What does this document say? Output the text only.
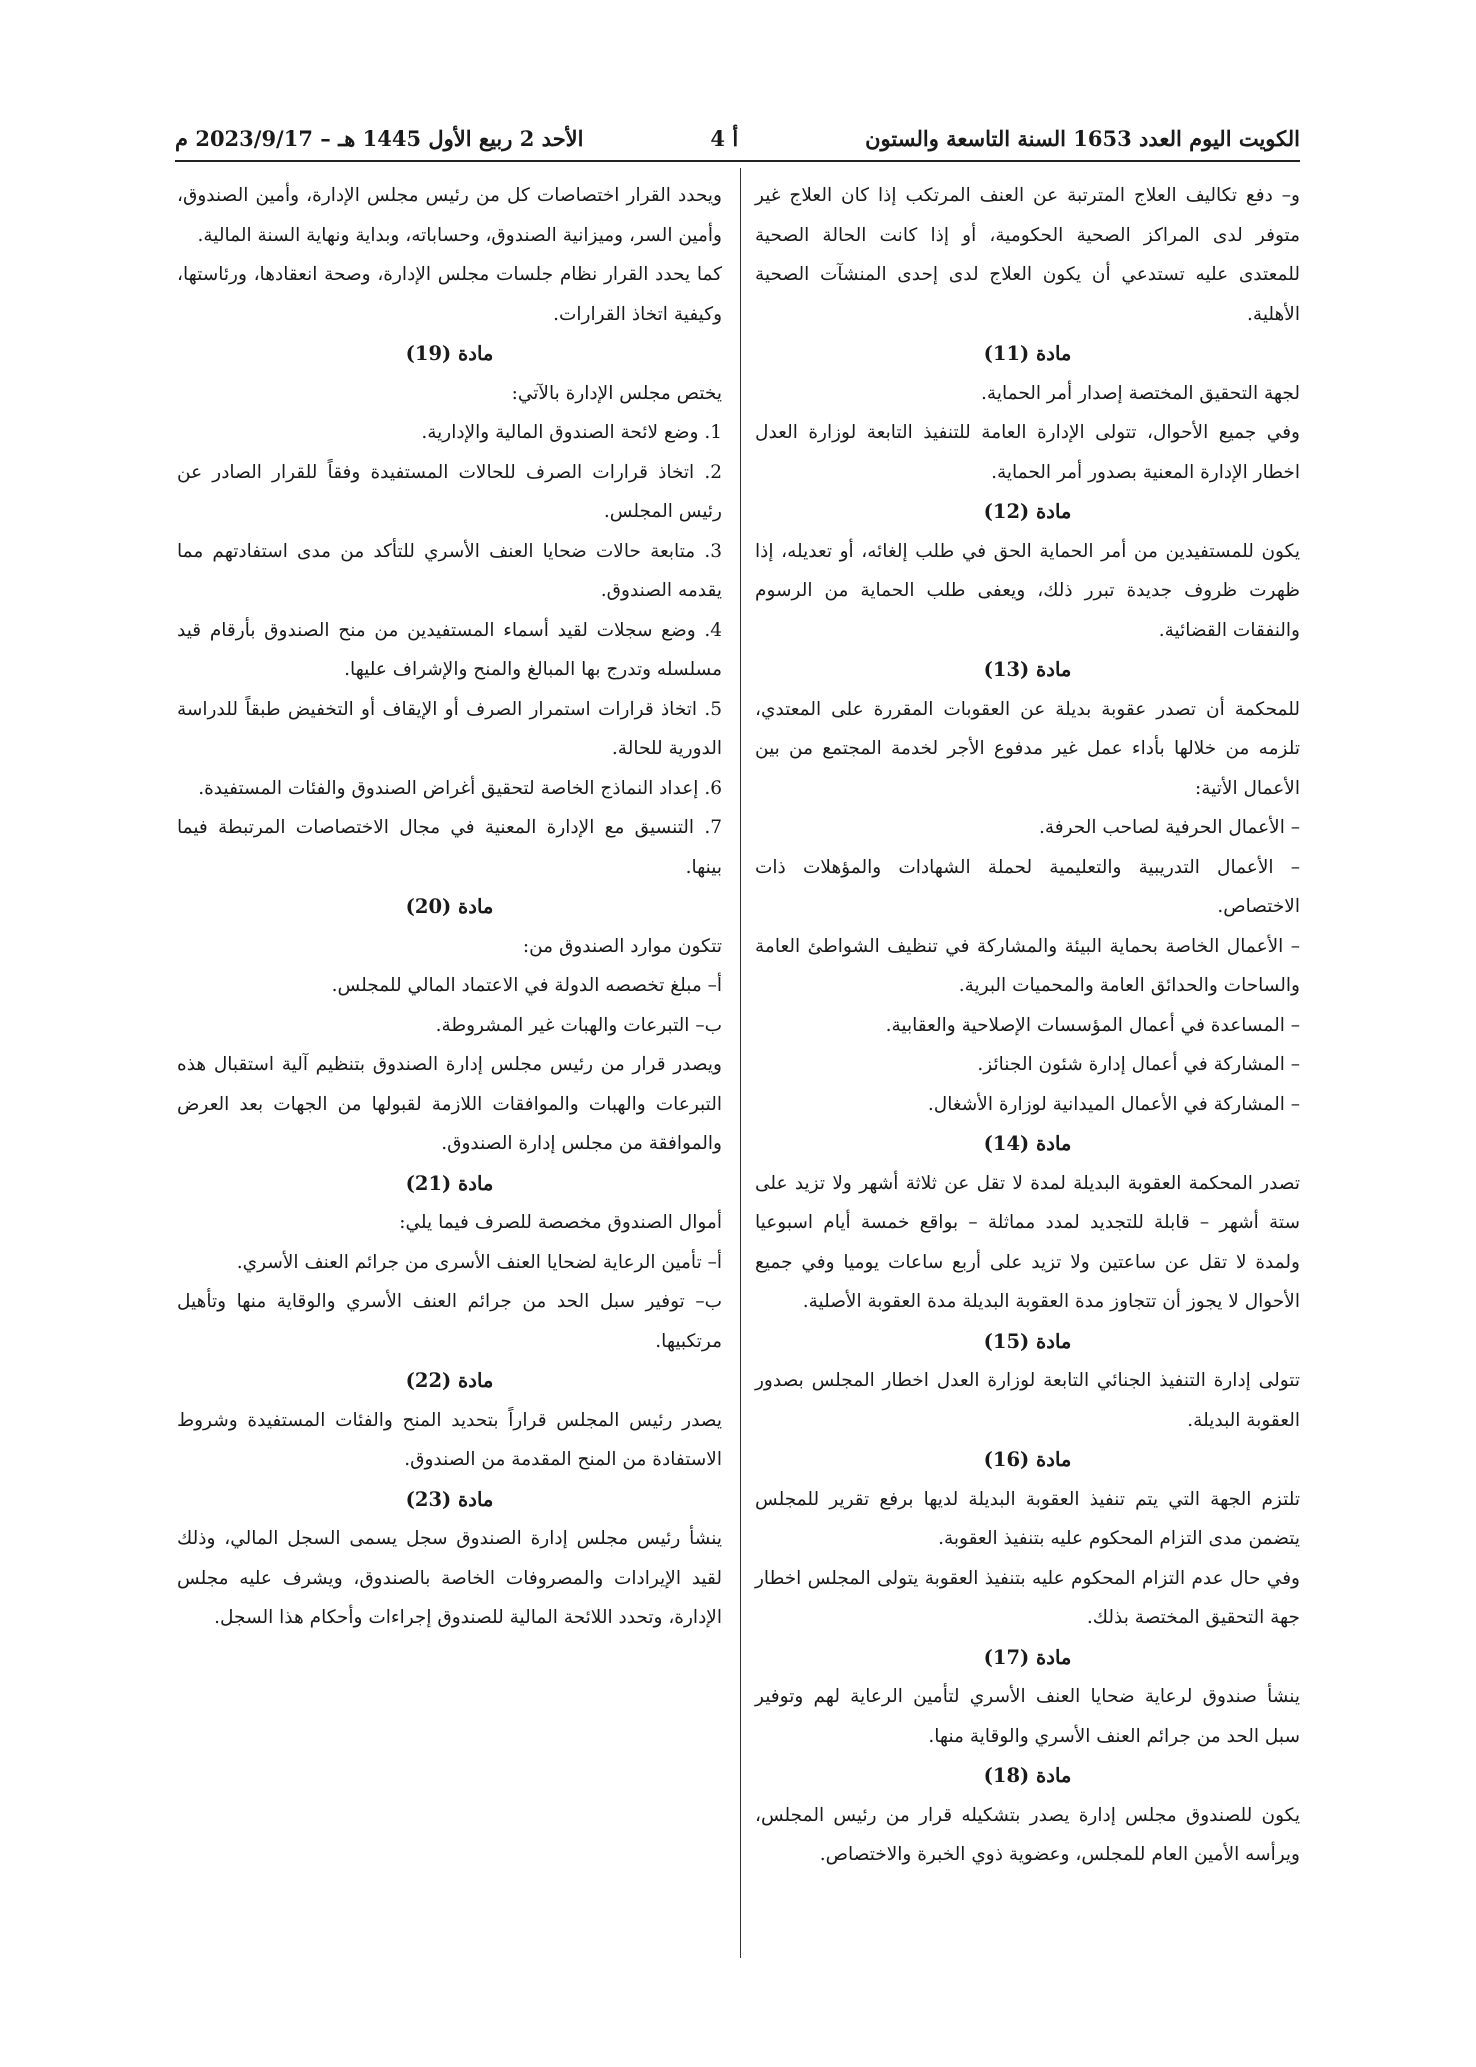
الكويت اليوم العدد 1653 السنة التاسعة والستون
أ 4
الأحد 2 ربيع الأول 1445 هـ – 2023/9/17 م

و– دفع تكاليف العلاج المترتبة عن العنف المرتكب إذا كان العلاج غير متوفر لدى المراكز الصحية الحكومية، أو إذا كانت الحالة الصحية للمعتدى عليه تستدعي أن يكون العلاج لدى إحدى المنشآت الصحية الأهلية.

مادة (11)

لجهة التحقيق المختصة إصدار أمر الحماية.

وفي جميع الأحوال، تتولى الإدارة العامة للتنفيذ التابعة لوزارة العدل اخطار الإدارة المعنية بصدور أمر الحماية.

مادة (12)

يكون للمستفيدين من أمر الحماية الحق في طلب إلغائه، أو تعديله، إذا ظهرت ظروف جديدة تبرر ذلك، ويعفى طلب الحماية من الرسوم والنفقات القضائية.

مادة (13)

للمحكمة أن تصدر عقوبة بديلة عن العقوبات المقررة على المعتدي، تلزمه من خلالها بأداء عمل غير مدفوع الأجر لخدمة المجتمع من بين الأعمال الأتية:

– الأعمال الحرفية لصاحب الحرفة.

– الأعمال التدريبية والتعليمية لحملة الشهادات والمؤهلات ذات الاختصاص.

– الأعمال الخاصة بحماية البيئة والمشاركة في تنظيف الشواطئ العامة والساحات والحدائق العامة والمحميات البرية.

– المساعدة في أعمال المؤسسات الإصلاحية والعقابية.

– المشاركة في أعمال إدارة شئون الجنائز.

– المشاركة في الأعمال الميدانية لوزارة الأشغال.

مادة (14)

تصدر المحكمة العقوبة البديلة لمدة لا تقل عن ثلاثة أشهر ولا تزيد على ستة أشهر – قابلة للتجديد لمدد مماثلة – بواقع خمسة أيام اسبوعيا ولمدة لا تقل عن ساعتين ولا تزيد على أربع ساعات يوميا وفي جميع الأحوال لا يجوز أن تتجاوز مدة العقوبة البديلة مدة العقوبة الأصلية.

مادة (15)

تتولى إدارة التنفيذ الجنائي التابعة لوزارة العدل اخطار المجلس بصدور العقوبة البديلة.

مادة (16)

تلتزم الجهة التي يتم تنفيذ العقوبة البديلة لديها برفع تقرير للمجلس يتضمن مدى التزام المحكوم عليه بتنفيذ العقوبة.

وفي حال عدم التزام المحكوم عليه بتنفيذ العقوبة يتولى المجلس اخطار جهة التحقيق المختصة بذلك.

مادة (17)

ينشأ صندوق لرعاية ضحايا العنف الأسري لتأمين الرعاية لهم وتوفير سبل الحد من جرائم العنف الأسري والوقاية منها.

مادة (18)

يكون للصندوق مجلس إدارة يصدر بتشكيله قرار من رئيس المجلس، ويرأسه الأمين العام للمجلس، وعضوية ذوي الخبرة والاختصاص.

ويحدد القرار اختصاصات كل من رئيس مجلس الإدارة، وأمين الصندوق، وأمين السر، وميزانية الصندوق، وحساباته، وبداية ونهاية السنة المالية.

كما يحدد القرار نظام جلسات مجلس الإدارة، وصحة انعقادها، ورئاستها، وكيفية اتخاذ القرارات.

مادة (19)

يختص مجلس الإدارة بالآتي:

1. وضع لائحة الصندوق المالية والإدارية.

2. اتخاذ قرارات الصرف للحالات المستفيدة وفقاً للقرار الصادر عن رئيس المجلس.

3. متابعة حالات ضحايا العنف الأسري للتأكد من مدى استفادتهم مما يقدمه الصندوق.

4. وضع سجلات لقيد أسماء المستفيدين من منح الصندوق بأرقام قيد مسلسله وتدرج بها المبالغ والمنح والإشراف عليها.

5. اتخاذ قرارات استمرار الصرف أو الإيقاف أو التخفيض طبقاً للدراسة الدورية للحالة.

6. إعداد النماذج الخاصة لتحقيق أغراض الصندوق والفئات المستفيدة.

7. التنسيق مع الإدارة المعنية في مجال الاختصاصات المرتبطة فيما بينها.

مادة (20)

تتكون موارد الصندوق من:

أ– مبلغ تخصصه الدولة في الاعتماد المالي للمجلس.

ب– التبرعات والهبات غير المشروطة.

ويصدر قرار من رئيس مجلس إدارة الصندوق بتنظيم آلية استقبال هذه التبرعات والهبات والموافقات اللازمة لقبولها من الجهات بعد العرض والموافقة من مجلس إدارة الصندوق.

مادة (21)

أموال الصندوق مخصصة للصرف فيما يلي:

أ– تأمين الرعاية لضحايا العنف الأسرى من جرائم العنف الأسري.

ب– توفير سبل الحد من جرائم العنف الأسري والوقاية منها وتأهيل مرتكبيها.

مادة (22)

يصدر رئيس المجلس قراراً بتحديد المنح والفئات المستفيدة وشروط الاستفادة من المنح المقدمة من الصندوق.

مادة (23)

ينشأ رئيس مجلس إدارة الصندوق سجل يسمى السجل المالي، وذلك لقيد الإيرادات والمصروفات الخاصة بالصندوق، ويشرف عليه مجلس الإدارة، وتحدد اللائحة المالية للصندوق إجراءات وأحكام هذا السجل.
